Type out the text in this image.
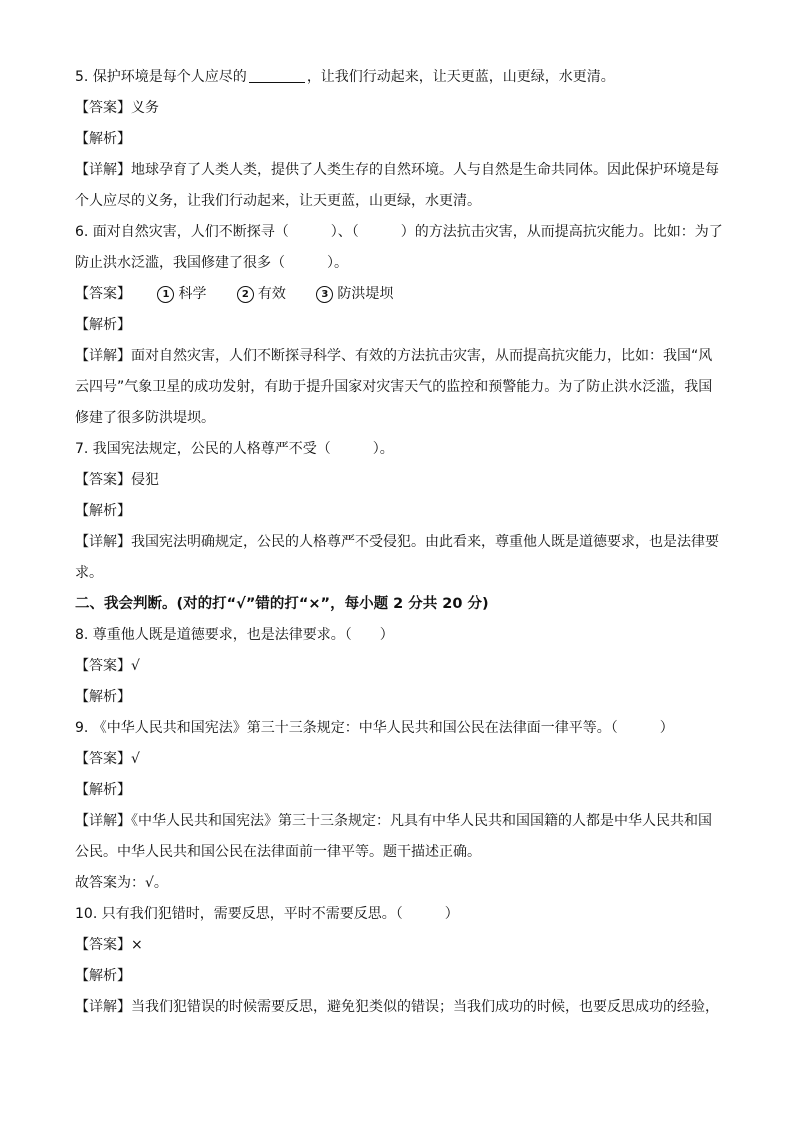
5. 保护环境是每个人应尽的	，让我们行动起来，让天更蓝，山更绿，水更清。
【答案】义务
【解析】
【详解】地球孕育了人类人类，提供了人类生存的自然环境。人与自然是生命共同体。因此保护环境是每
个人应尽的义务，让我们行动起来，让天更蓝，山更绿，水更清。
6. 面对自然灾害，人们不断探寻（　　　）、（　　　）的方法抗击灾害，从而提高抗灾能力。比如：为了
防止洪水泛滥，我国修建了很多（　　　）。
【答案】	1 科学	2 有效	3 防洪堤坝
【解析】
【详解】面对自然灾害，人们不断探寻科学、有效的方法抗击灾害，从而提高抗灾能力，比如：我国“风
云四号”气象卫星的成功发射，有助于提升国家对灾害天气的监控和预警能力。为了防止洪水泛滥，我国
修建了很多防洪堤坝。
7. 我国宪法规定，公民的人格尊严不受（　　　）。
【答案】侵犯
【解析】
【详解】我国宪法明确规定，公民的人格尊严不受侵犯。由此看来，尊重他人既是道德要求，也是法律要
求。
二、我会判断。(对的打“√”错的打“×”，每小题 2 分共 20 分)
8. 尊重他人既是道德要求，也是法律要求。（　　）
【答案】√
【解析】
9. 《中华人民共和国宪法》第三十三条规定：中华人民共和国公民在法律面一律平等。（　　　）
【答案】√
【解析】
【详解】《中华人民共和国宪法》第三十三条规定：凡具有中华人民共和国国籍的人都是中华人民共和国
公民。中华人民共和国公民在法律面前一律平等。题干描述正确。
故答案为：√。
10. 只有我们犯错时，需要反思，平时不需要反思。（　　　）
【答案】×
【解析】
【详解】当我们犯错误的时候需要反思，避免犯类似的错误；当我们成功的时候，也要反思成功的经验，
